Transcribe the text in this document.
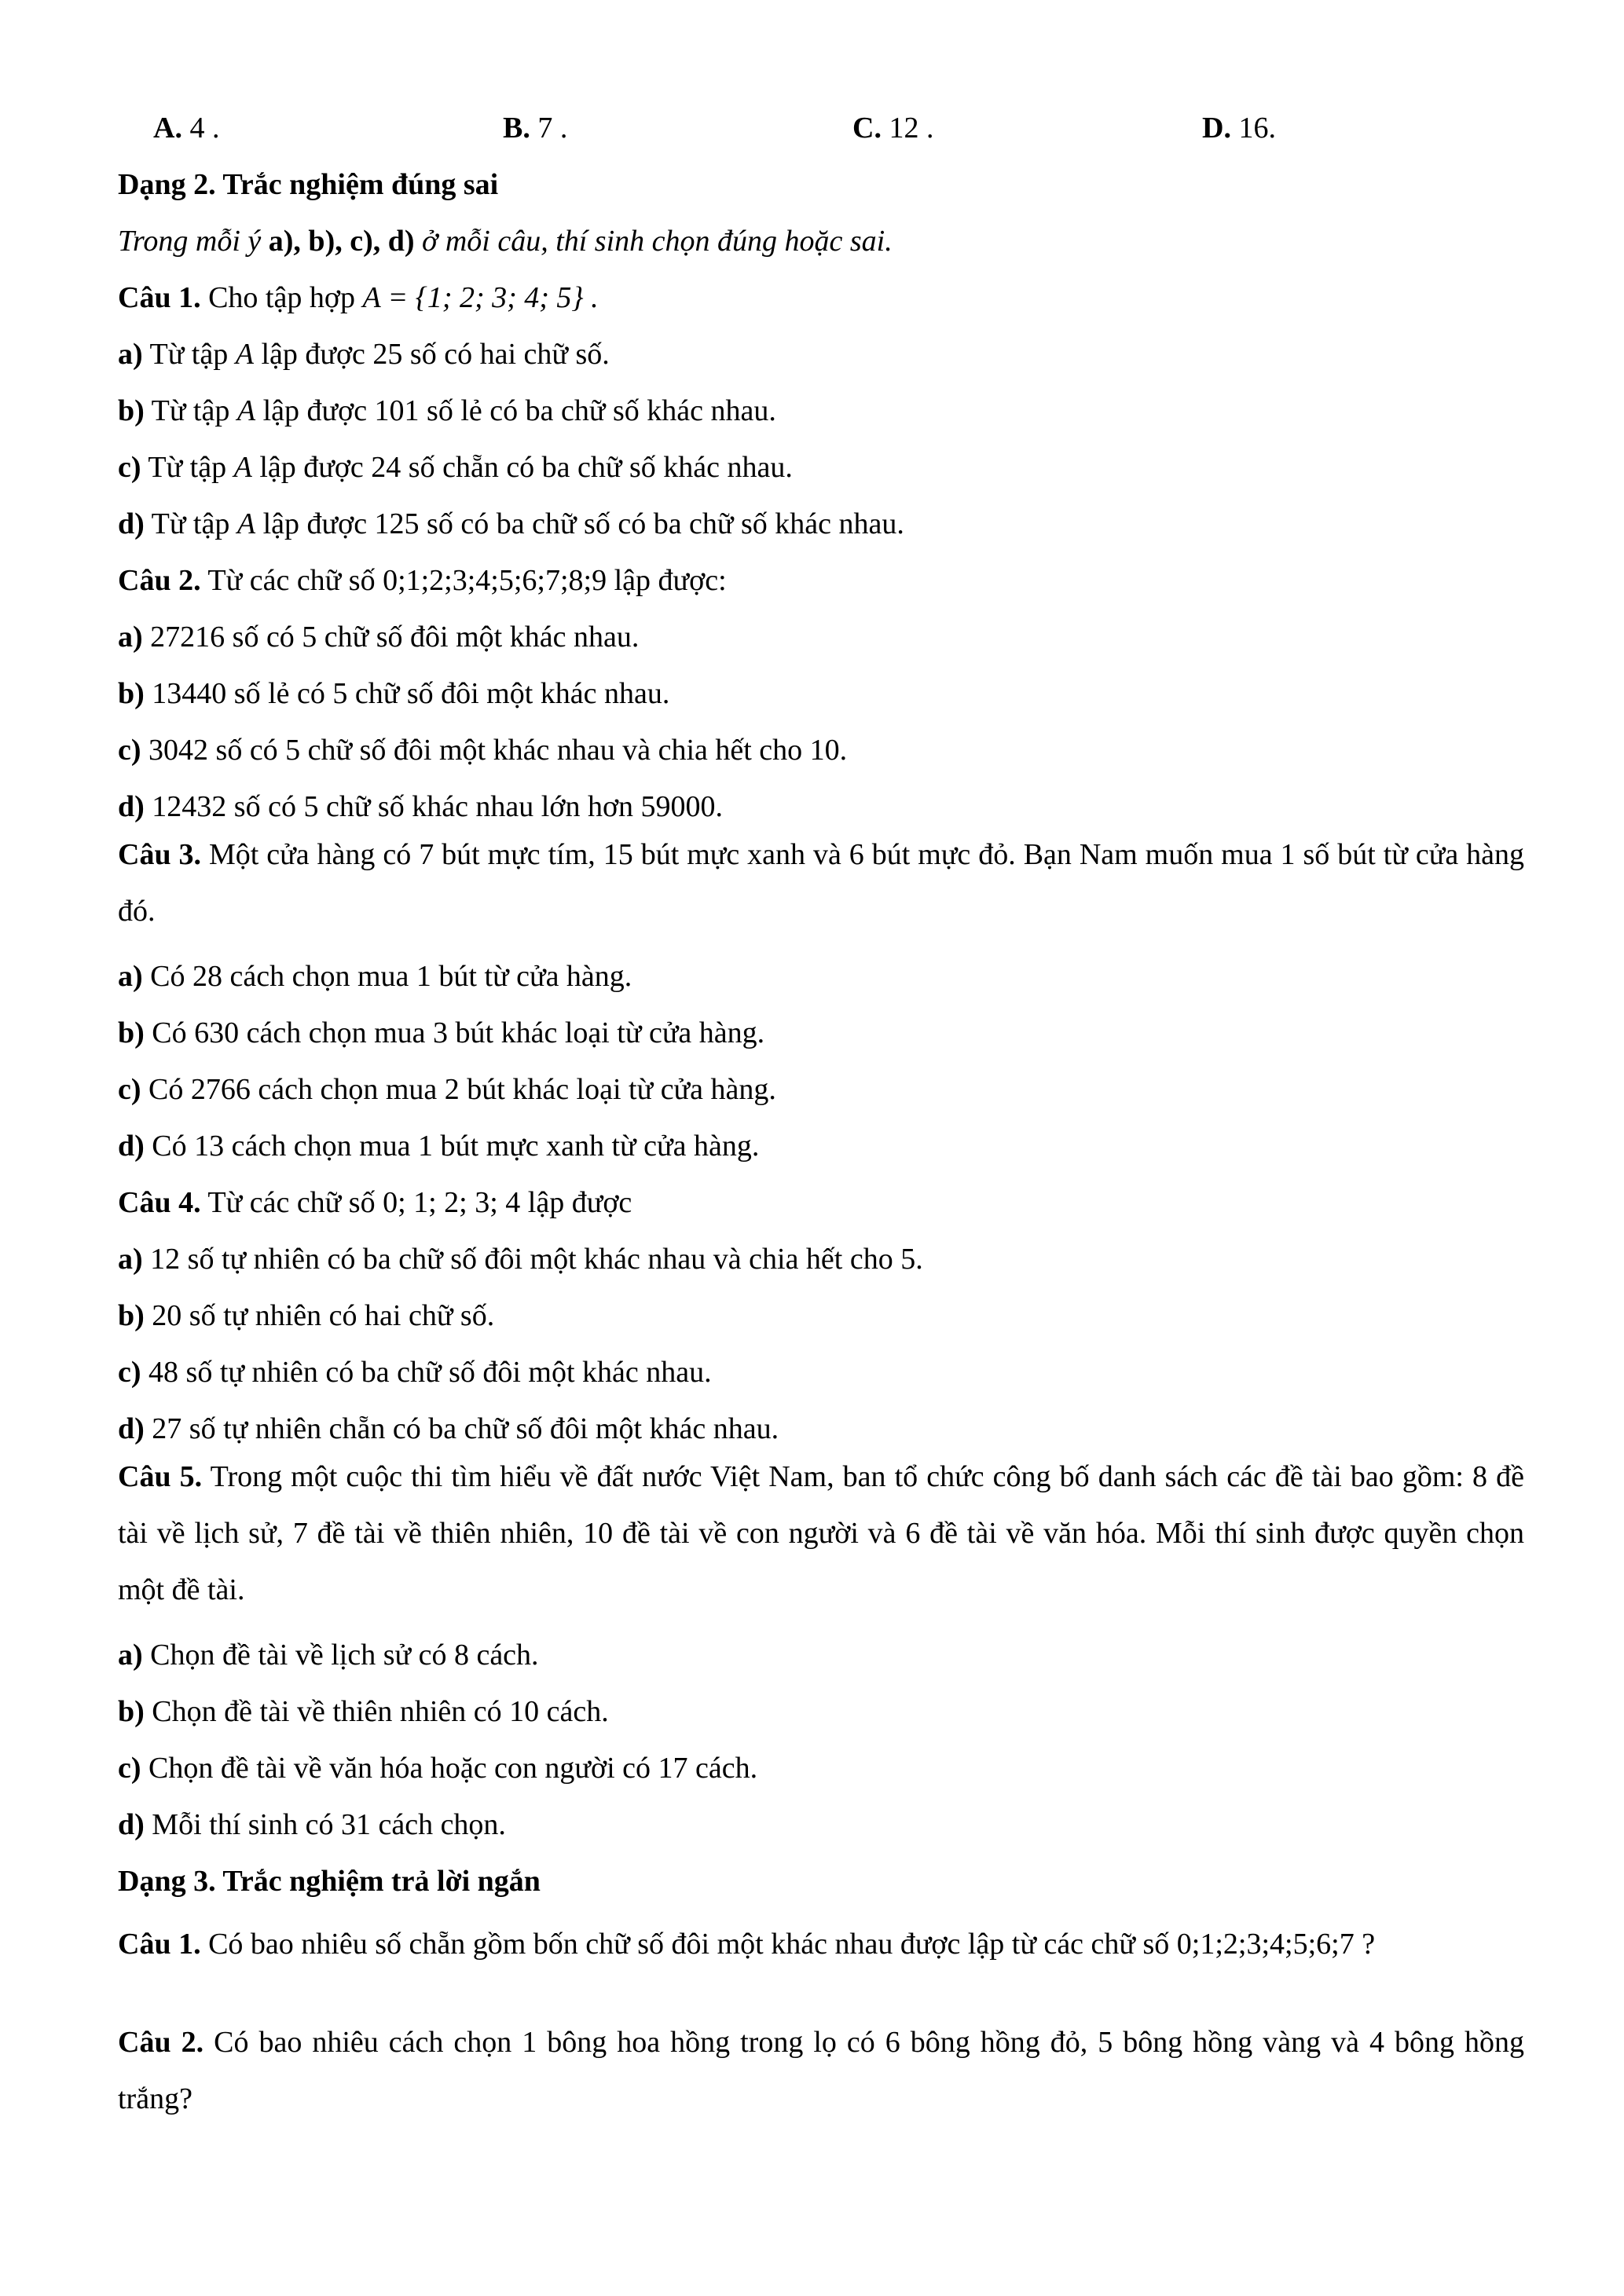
A. 4 .	B. 7 .	C. 12 .	D. 16.
Dạng 2. Trắc nghiệm đúng sai
Trong mỗi ý a), b), c), d) ở mỗi câu, thí sinh chọn đúng hoặc sai.
Câu 1. Cho tập hợp A = {1; 2; 3; 4; 5} .
a) Từ tập A lập được 25 số có hai chữ số.
b) Từ tập A lập được 101 số lẻ có ba chữ số khác nhau.
c) Từ tập A lập được 24 số chẵn có ba chữ số khác nhau.
d) Từ tập A lập được 125 số có ba chữ số có ba chữ số khác nhau.
Câu 2. Từ các chữ số 0;1;2;3;4;5;6;7;8;9 lập được:
a) 27216 số có 5 chữ số đôi một khác nhau.
b) 13440 số lẻ có 5 chữ số đôi một khác nhau.
c) 3042 số có 5 chữ số đôi một khác nhau và chia hết cho 10.
d) 12432 số có 5 chữ số khác nhau lớn hơn 59000.
Câu 3. Một cửa hàng có 7 bút mực tím, 15 bút mực xanh và 6 bút mực đỏ. Bạn Nam muốn mua 1 số bút từ cửa hàng đó.
a) Có 28 cách chọn mua 1 bút từ cửa hàng.
b) Có 630 cách chọn mua 3 bút khác loại từ cửa hàng.
c) Có 2766 cách chọn mua 2 bút khác loại từ cửa hàng.
d) Có 13 cách chọn mua 1 bút mực xanh từ cửa hàng.
Câu 4. Từ các chữ số 0; 1; 2; 3; 4 lập được
a) 12 số tự nhiên có ba chữ số đôi một khác nhau và chia hết cho 5.
b) 20 số tự nhiên có hai chữ số.
c) 48 số tự nhiên có ba chữ số đôi một khác nhau.
d) 27 số tự nhiên chẵn có ba chữ số đôi một khác nhau.
Câu 5. Trong một cuộc thi tìm hiểu về đất nước Việt Nam, ban tổ chức công bố danh sách các đề tài bao gồm: 8 đề tài về lịch sử, 7 đề tài về thiên nhiên, 10 đề tài về con người và 6 đề tài về văn hóa. Mỗi thí sinh được quyền chọn một đề tài.
a) Chọn đề tài về lịch sử có 8 cách.
b) Chọn đề tài về thiên nhiên có 10 cách.
c) Chọn đề tài về văn hóa hoặc con người có 17 cách.
d) Mỗi thí sinh có 31 cách chọn.
Dạng 3. Trắc nghiệm trả lời ngắn
Câu 1. Có bao nhiêu số chẵn gồm bốn chữ số đôi một khác nhau được lập từ các chữ số 0;1;2;3;4;5;6;7 ?
Câu 2. Có bao nhiêu cách chọn 1 bông hoa hồng trong lọ có 6 bông hồng đỏ, 5 bông hồng vàng và 4 bông hồng trắng?
